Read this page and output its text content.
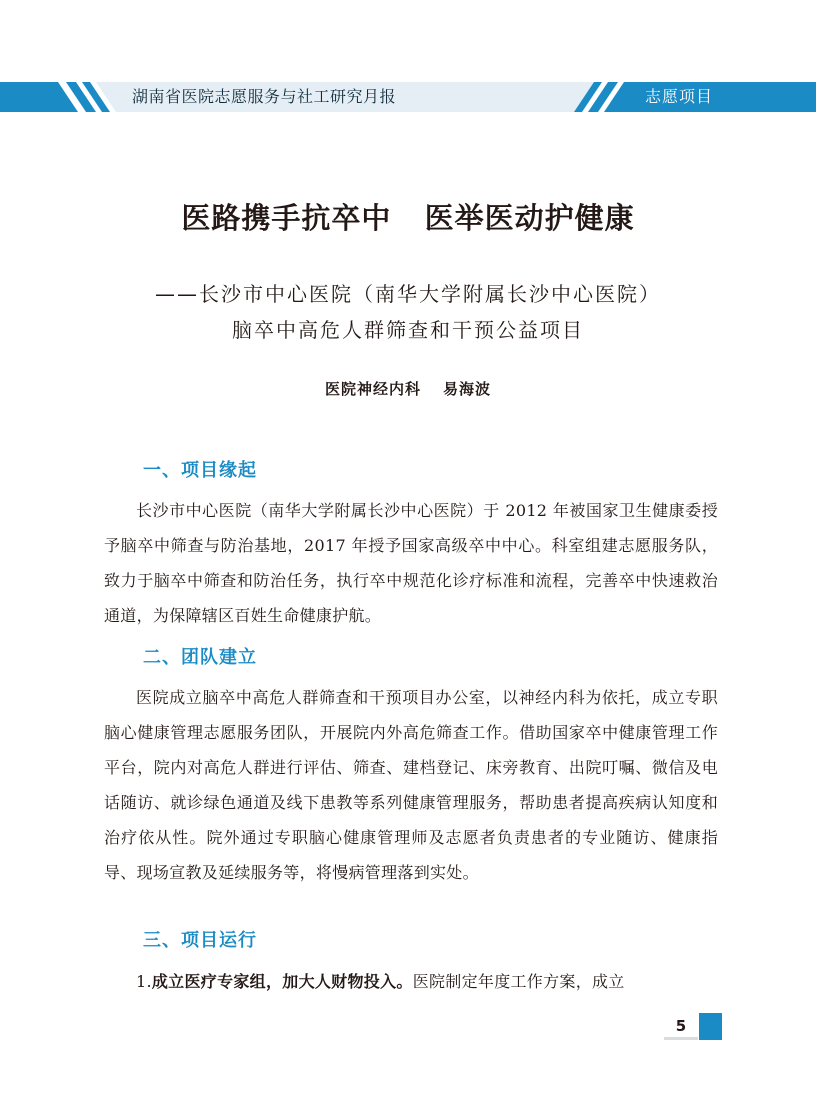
湖南省医院志愿服务与社工研究月报	志愿项目
医路携手抗卒中   医举医动护健康
——长沙市中心医院（南华大学附属长沙中心医院）
脑卒中高危人群筛查和干预公益项目
医院神经内科 易海波
一、项目缘起

长沙市中心医院（南华大学附属长沙中心医院）于 2012 年被国家卫生健康委授予脑卒中筛查与防治基地，2017 年授予国家高级卒中中心。科室组建志愿服务队，致力于脑卒中筛查和防治任务，执行卒中规范化诊疗标准和流程，完善卒中快速救治通道，为保障辖区百姓生命健康护航。

二、团队建立

医院成立脑卒中高危人群筛查和干预项目办公室，以神经内科为依托，成立专职脑心健康管理志愿服务团队，开展院内外高危筛查工作。借助国家卒中健康管理工作平台，院内对高危人群进行评估、筛查、建档登记、床旁教育、出院叮嘱、微信及电话随访、就诊绿色通道及线下患教等系列健康管理服务，帮助患者提高疾病认知度和治疗依从性。院外通过专职脑心健康管理师及志愿者负责患者的专业随访、健康指导、现场宣教及延续服务等，将慢病管理落到实处。

三、项目运行

1.成立医疗专家组，加大人财物投入。医院制定年度工作方案，成立

5
